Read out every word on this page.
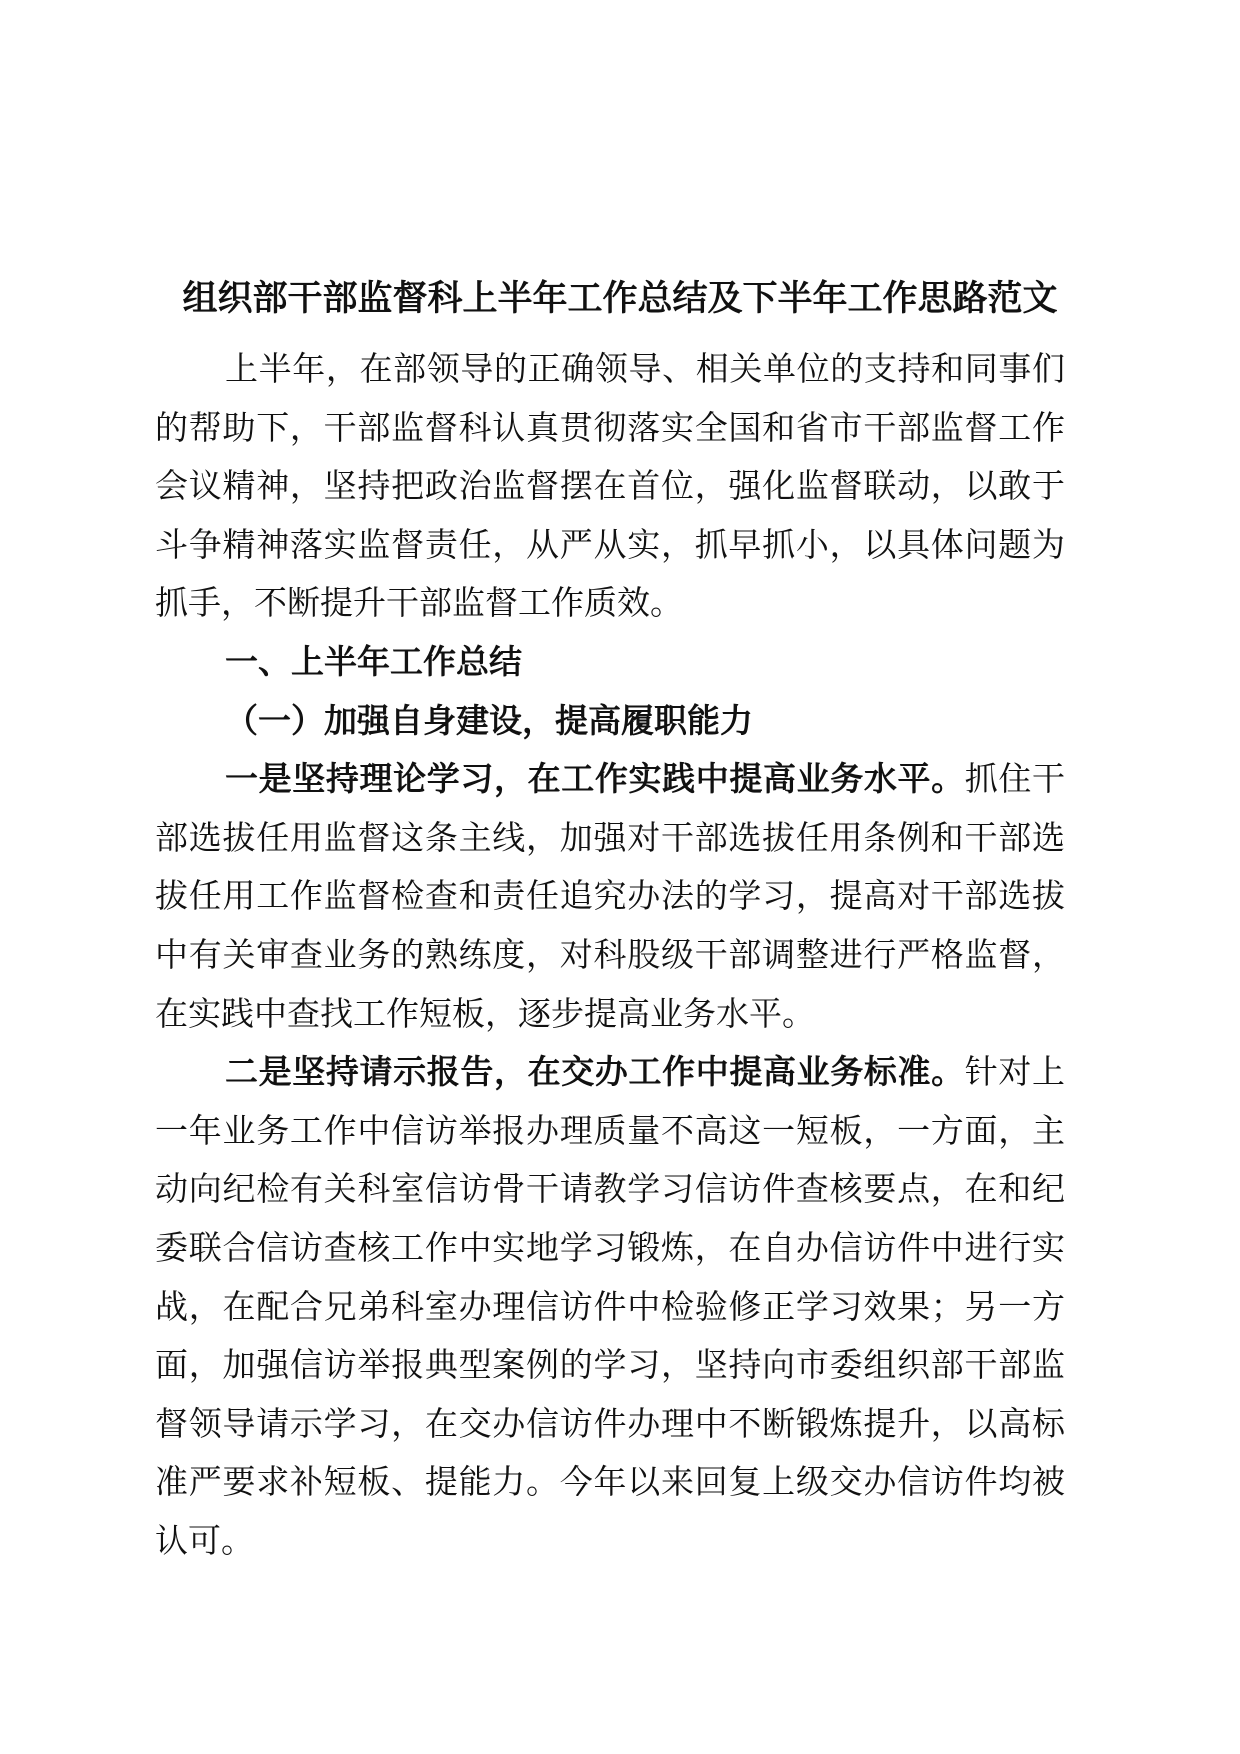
组织部干部监督科上半年工作总结及下半年工作思路范文
上半年，在部领导的正确领导、相关单位的支持和同事们
的帮助下，干部监督科认真贯彻落实全国和省市干部监督工作
会议精神，坚持把政治监督摆在首位，强化监督联动，以敢于
斗争精神落实监督责任，从严从实，抓早抓小，以具体问题为
抓手，不断提升干部监督工作质效。
一、上半年工作总结
（一）加强自身建设，提高履职能力
一是坚持理论学习，在工作实践中提高业务水平。抓住干
部选拔任用监督这条主线，加强对干部选拔任用条例和干部选
拔任用工作监督检查和责任追究办法的学习，提高对干部选拔
中有关审查业务的熟练度，对科股级干部调整进行严格监督，
在实践中查找工作短板，逐步提高业务水平。
二是坚持请示报告，在交办工作中提高业务标准。针对上
一年业务工作中信访举报办理质量不高这一短板，一方面，主
动向纪检有关科室信访骨干请教学习信访件查核要点，在和纪
委联合信访查核工作中实地学习锻炼，在自办信访件中进行实
战，在配合兄弟科室办理信访件中检验修正学习效果；另一方
面，加强信访举报典型案例的学习，坚持向市委组织部干部监
督领导请示学习，在交办信访件办理中不断锻炼提升，以高标
准严要求补短板、提能力。今年以来回复上级交办信访件均被
认可。
